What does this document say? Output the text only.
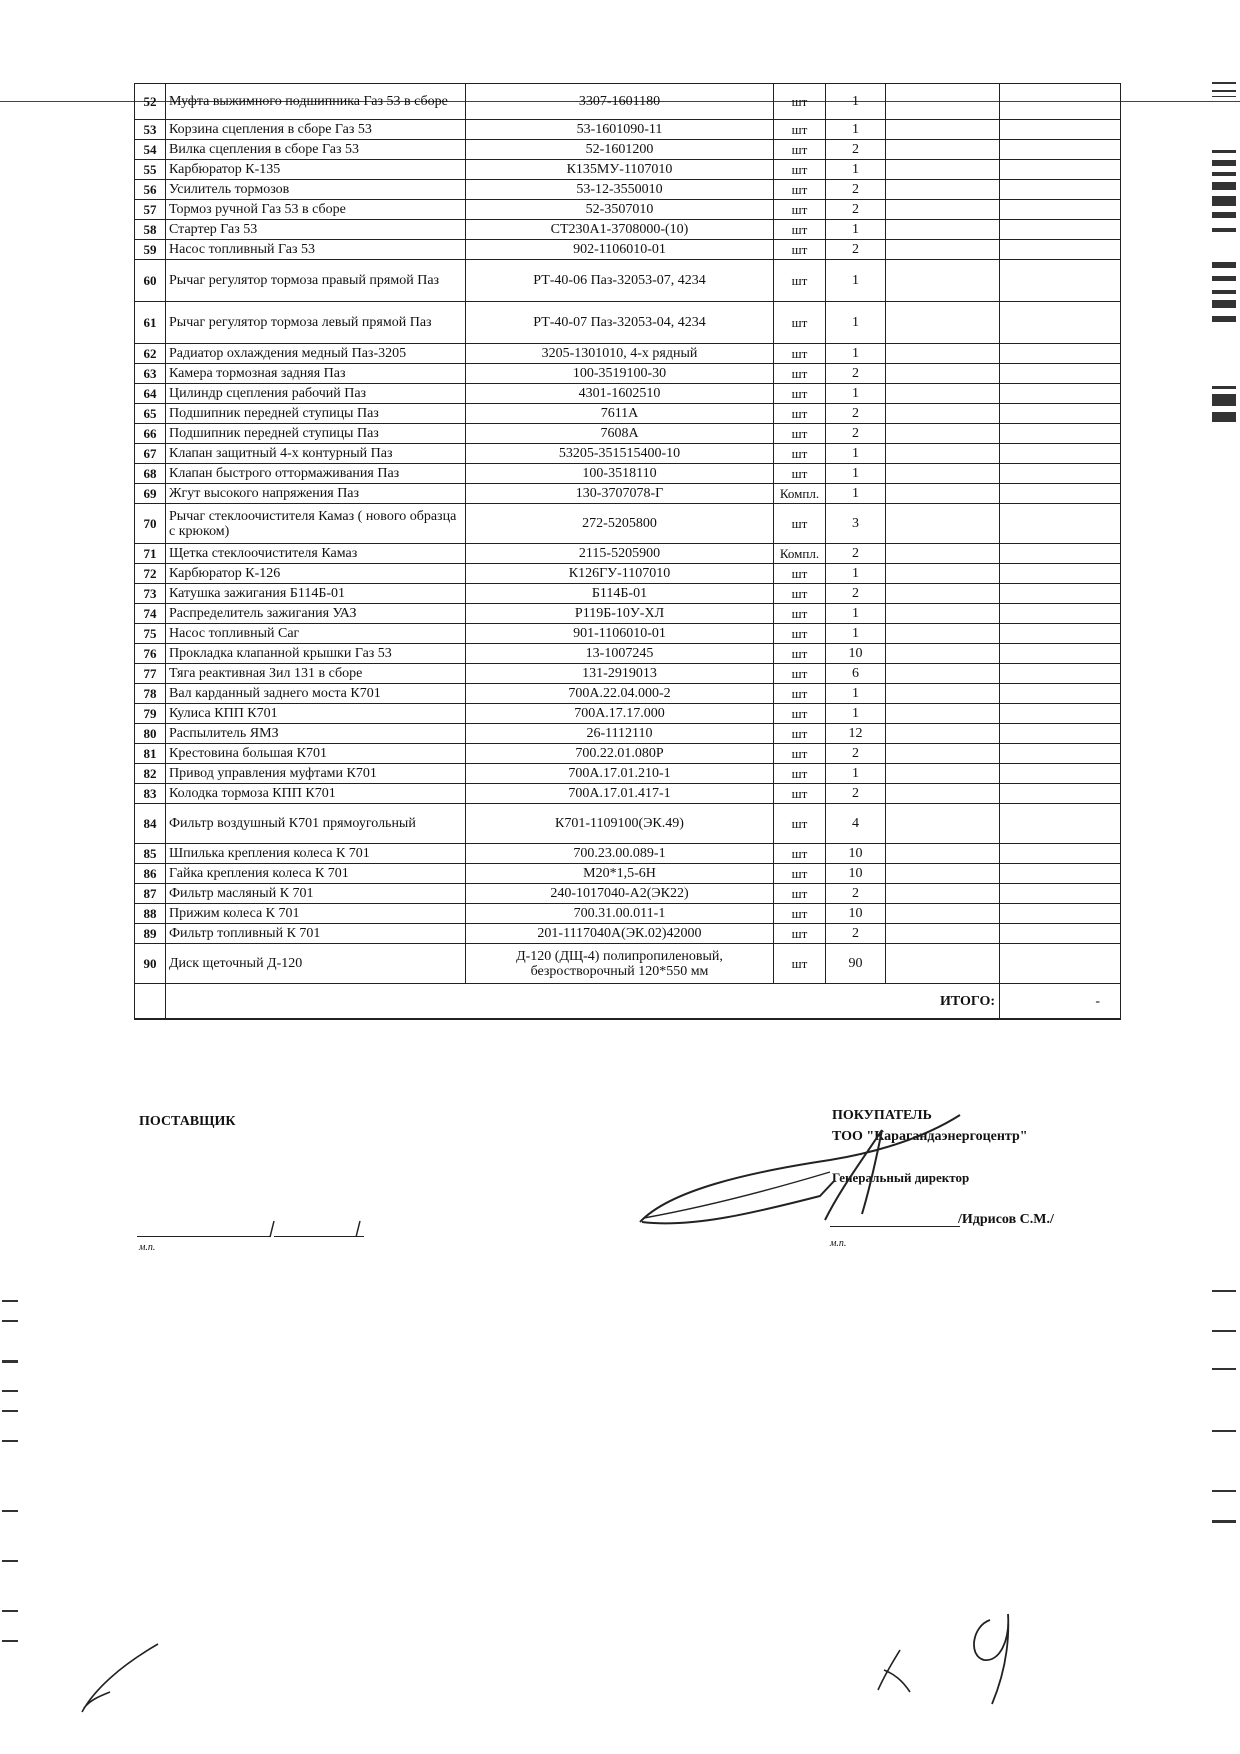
52	Муфта выжимного подшипника Газ 53 в сборе	3307-1601180	шт	1		
53	Корзина сцепления в сборе Газ 53	53-1601090-11	шт	1		
54	Вилка сцепления в сборе Газ 53	52-1601200	шт	2		
55	Карбюратор К-135	К135МУ-1107010	шт	1		
56	Усилитель тормозов	53-12-3550010	шт	2		
57	Тормоз ручной Газ 53 в сборе	52-3507010	шт	2		
58	Стартер Газ 53	СТ230А1-3708000-(10)	шт	1		
59	Насос топливный Газ 53	902-1106010-01	шт	2		
60	Рычаг регулятор тормоза правый прямой Паз	РТ-40-06 Паз-32053-07, 4234	шт	1		
61	Рычаг регулятор тормоза левый прямой Паз	РТ-40-07 Паз-32053-04, 4234	шт	1		
62	Радиатор охлаждения медный Паз-3205	3205-1301010, 4-х рядный	шт	1		
63	Камера тормозная задняя Паз	100-3519100-30	шт	2		
64	Цилиндр сцепления рабочий Паз	4301-1602510	шт	1		
65	Подшипник передней ступицы Паз	7611А	шт	2		
66	Подшипник передней ступицы Паз	7608А	шт	2		
67	Клапан защитный 4-х контурный Паз	53205-351515400-10	шт	1		
68	Клапан быстрого оттормаживания Паз	100-3518110	шт	1		
69	Жгут высокого напряжения Паз	130-3707078-Г	Компл.	1		
70	Рычаг стеклоочистителя Камаз ( нового образца с крюком)	272-5205800	шт	3		
71	Щетка стеклоочистителя Камаз	2115-5205900	Компл.	2		
72	Карбюратор К-126	К126ГУ-1107010	шт	1		
73	Катушка зажигания Б114Б-01	Б114Б-01	шт	2		
74	Распределитель зажигания УАЗ	Р119Б-10У-ХЛ	шт	1		
75	Насос топливный Саг	901-1106010-01	шт	1		
76	Прокладка клапанной крышки Газ 53	13-1007245	шт	10		
77	Тяга реактивная Зил 131 в сборе	131-2919013	шт	6		
78	Вал карданный заднего моста К701	700А.22.04.000-2	шт	1		
79	Кулиса КПП К701	700А.17.17.000	шт	1		
80	Распылитель ЯМЗ	26-1112110	шт	12		
81	Крестовина большая К701	700.22.01.080Р	шт	2		
82	Привод управления муфтами К701	700А.17.01.210-1	шт	1		
83	Колодка тормоза КПП К701	700А.17.01.417-1	шт	2		
84	Фильтр воздушный К701 прямоугольный	К701-1109100(ЭК.49)	шт	4		
85	Шпилька крепления колеса К 701	700.23.00.089-1	шт	10		
86	Гайка крепления колеса К 701	М20*1,5-6Н	шт	10		
87	Фильтр масляный К 701	240-1017040-А2(ЭК22)	шт	2		
88	Прижим колеса К 701	700.31.00.011-1	шт	10		
89	Фильтр топливный К 701	201-1117040А(ЭК.02)42000	шт	2		
90	Диск щеточный Д-120	Д-120 (ДЩ-4) полипропиленовый, безростворочный 120*550 мм	шт	90		
	ИТОГО:					-
ПОСТАВЩИК
м.п.
ПОКУПАТЕЛЬ
ТОО "Карагандаэнергоцентр"
Генеральный директор
/Идрисов С.М./
м.п.
